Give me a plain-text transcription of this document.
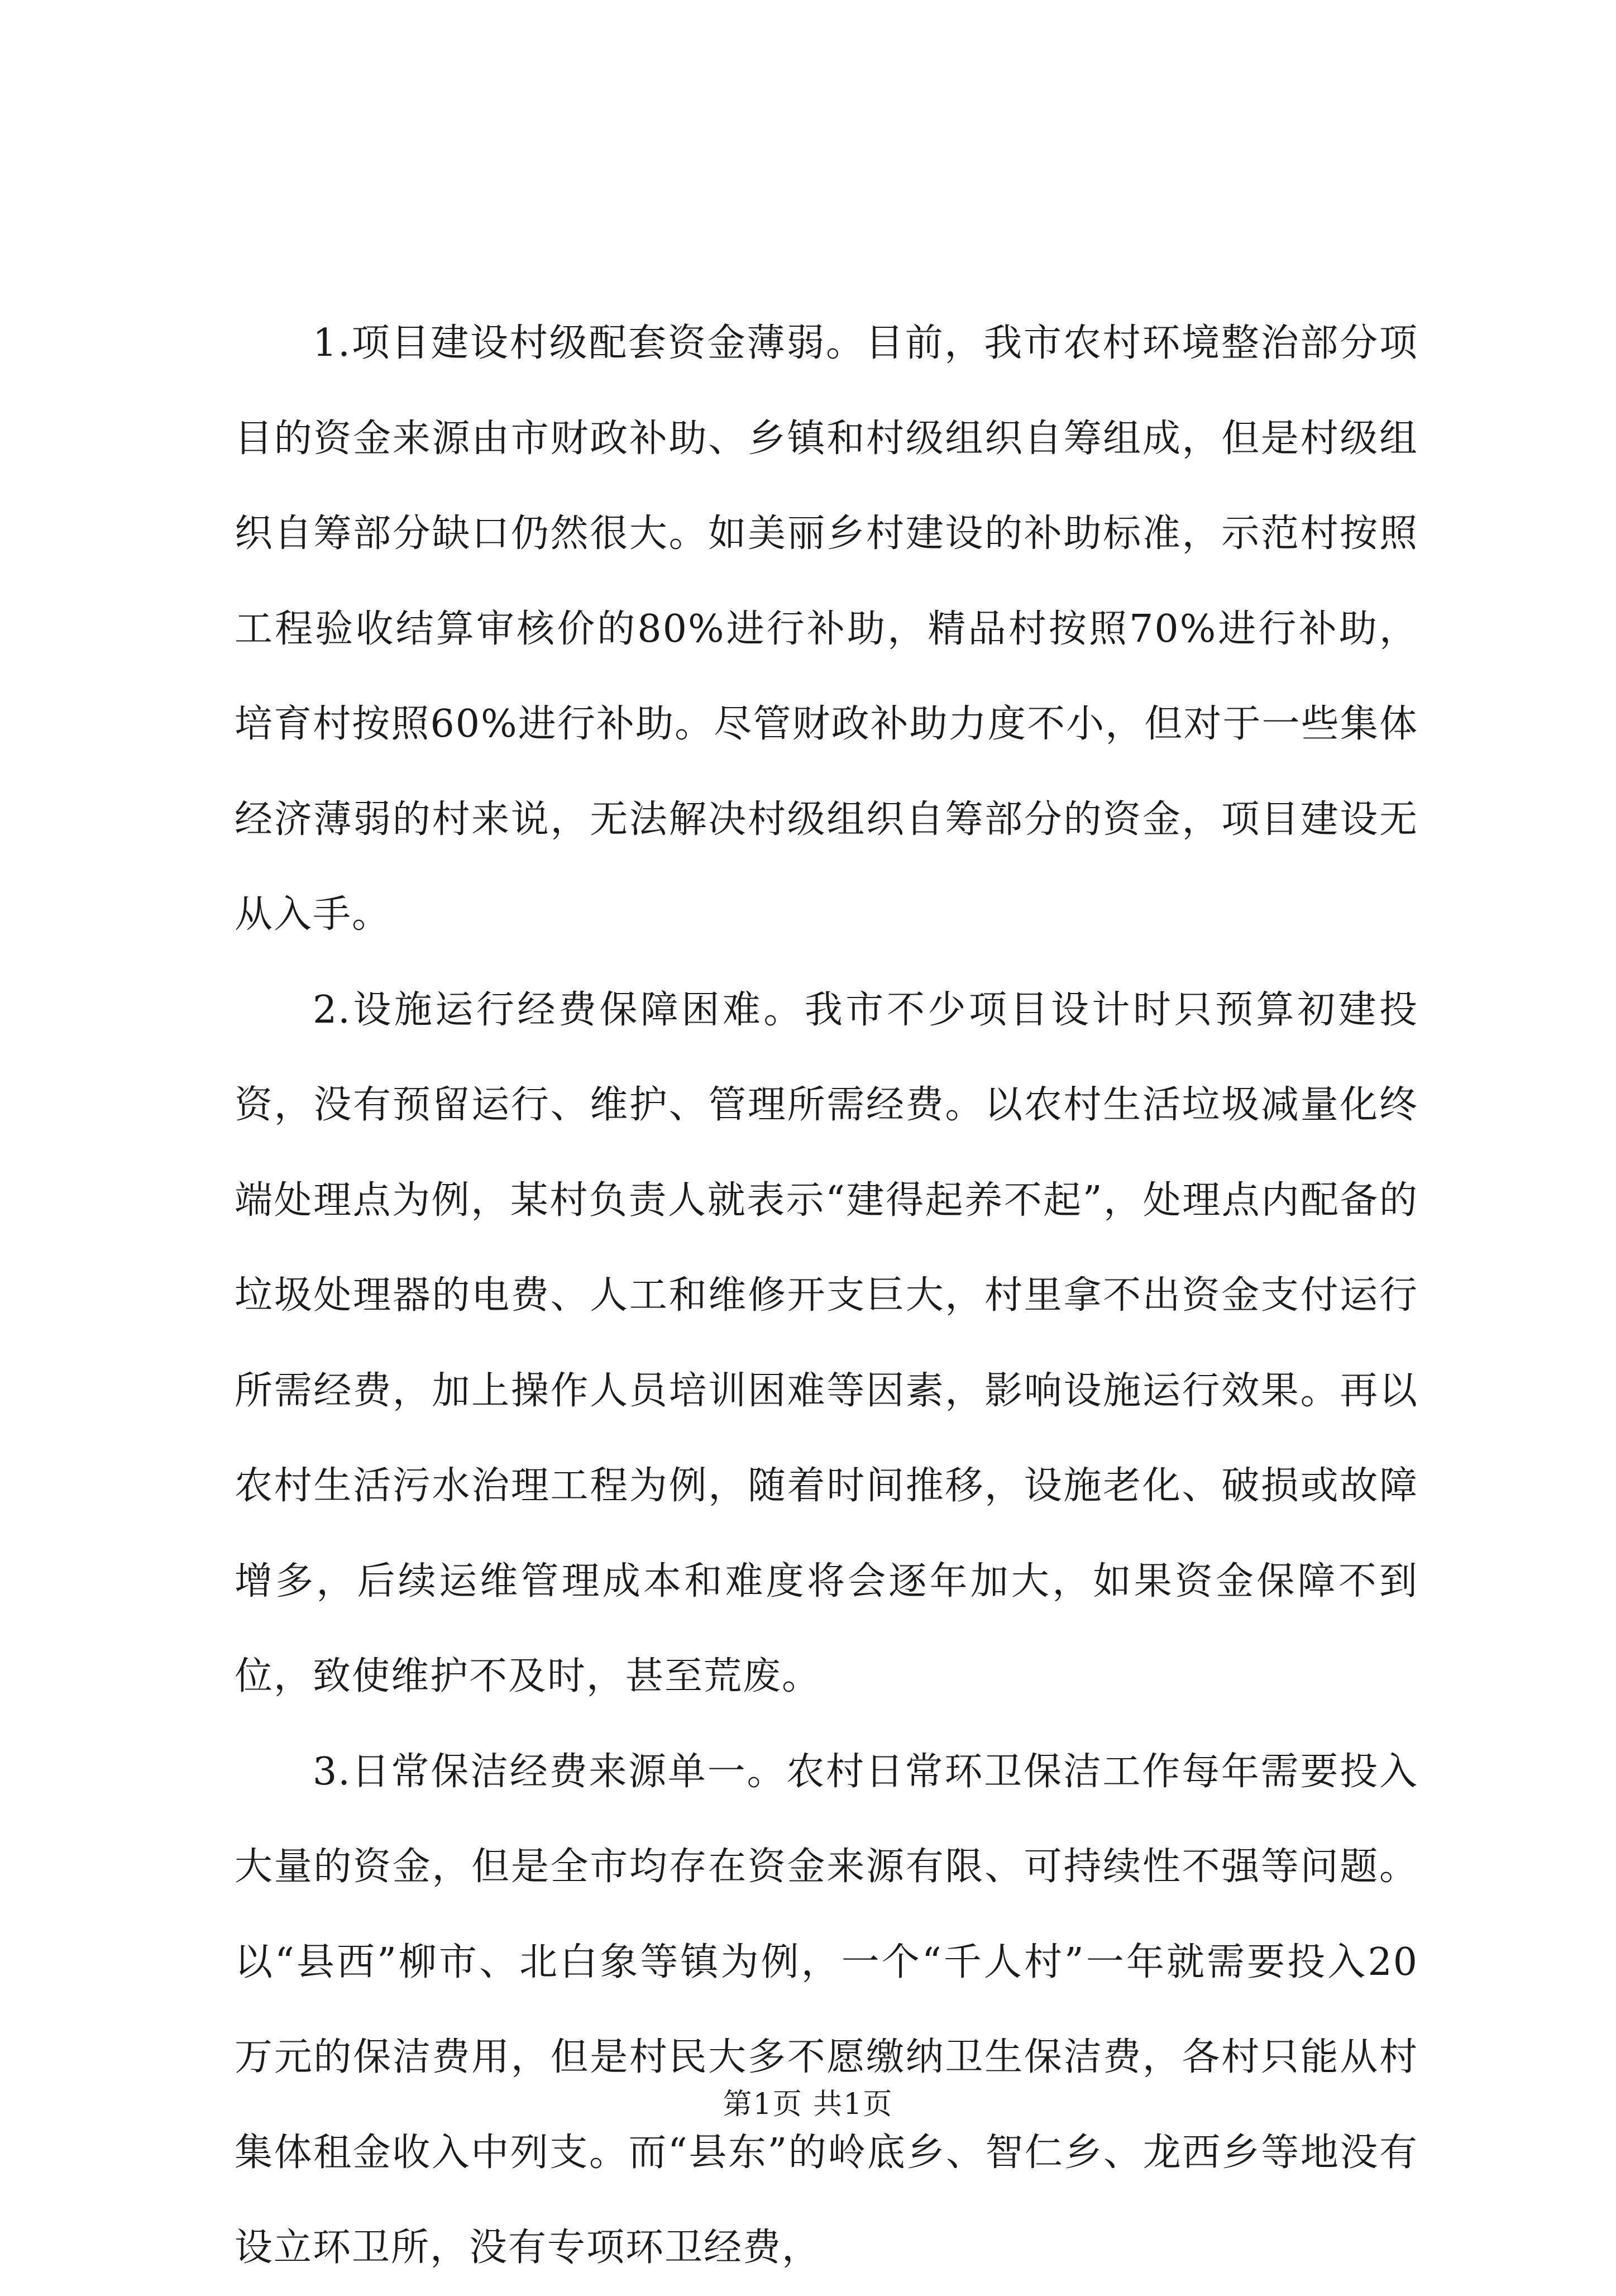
1.项目建设村级配套资金薄弱。目前，我市农村环境整治部分项目的资金来源由市财政补助、乡镇和村级组织自筹组成，但是村级组织自筹部分缺口仍然很大。如美丽乡村建设的补助标准，示范村按照工程验收结算审核价的80%进行补助，精品村按照70%进行补助，培育村按照60%进行补助。尽管财政补助力度不小，但对于一些集体经济薄弱的村来说，无法解决村级组织自筹部分的资金，项目建设无从入手。

2.设施运行经费保障困难。我市不少项目设计时只预算初建投资，没有预留运行、维护、管理所需经费。以农村生活垃圾减量化终端处理点为例，某村负责人就表示“建得起养不起”，处理点内配备的垃圾处理器的电费、人工和维修开支巨大，村里拿不出资金支付运行所需经费，加上操作人员培训困难等因素，影响设施运行效果。再以农村生活污水治理工程为例，随着时间推移，设施老化、破损或故障增多，后续运维管理成本和难度将会逐年加大，如果资金保障不到位，致使维护不及时，甚至荒废。

3.日常保洁经费来源单一。农村日常环卫保洁工作每年需要投入大量的资金，但是全市均存在资金来源有限、可持续性不强等问题。以“县西”柳市、北白象等镇为例，一个“千人村”一年就需要投入20万元的保洁费用，但是村民大多不愿缴纳卫生保洁费，各村只能从村集体租金收入中列支。而“县东”的岭底乡、智仁乡、龙西乡等地没有设立环卫所，没有专项环卫经费，

第1页 共1页
